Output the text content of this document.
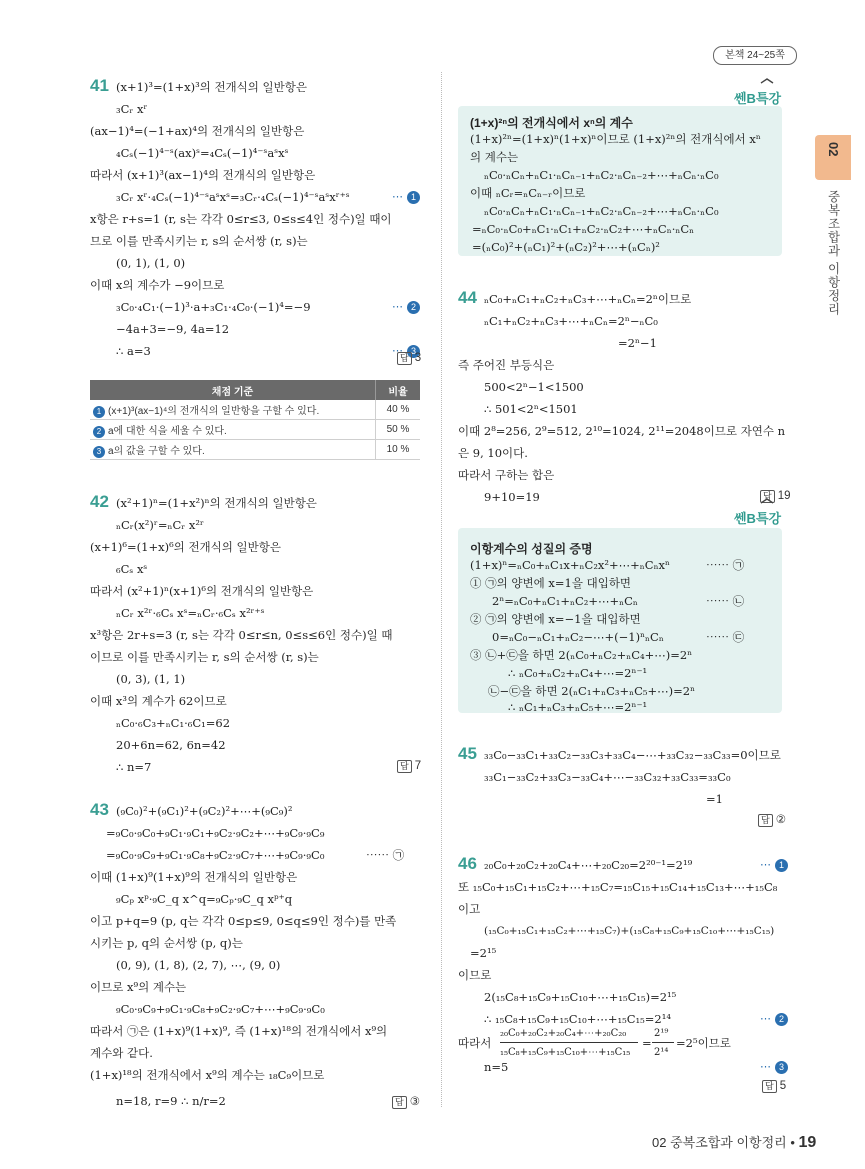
본책 24~25쪽
02
중복조합과 이항정리
41 (x+1)³=(1+x)³의 전개식의 일반항은
₃Cᵣ xʳ
(ax−1)⁴=(−1+ax)⁴의 전개식의 일반항은
₄Cₛ(−1)⁴⁻ˢ(ax)ˢ=₄Cₛ(−1)⁴⁻ˢaˢxˢ
따라서 (x+1)³(ax−1)⁴의 전개식의 일반항은
₃Cᵣ xʳ·₄Cₛ(−1)⁴⁻ˢaˢxˢ=₃Cᵣ·₄Cₛ(−1)⁴⁻ˢaˢxʳ⁺ˢ	⋯ 1
x항은 r+s=1 (r, s는 각각 0≤r≤3, 0≤s≤4인 정수)일 때이
므로 이를 만족시키는 r, s의 순서쌍 (r, s)는
(0, 1), (1, 0)
이때 x의 계수가 −9이므로
₃C₀·₄C₁·(−1)³·a+₃C₁·₄C₀·(−1)⁴=−9	⋯ 2
−4a+3=−9, 4a=12
∴ a=3	⋯ 3
답 3
채점 기준	비율
1 (x+1)³(ax−1)⁴의 전개식의 일반항을 구할 수 있다.	40 %
2 a에 대한 식을 세울 수 있다.	50 %
3 a의 값을 구할 수 있다.	10 %
42 (x²+1)ⁿ=(1+x²)ⁿ의 전개식의 일반항은
ₙCᵣ(x²)ʳ=ₙCᵣ x²ʳ
(x+1)⁶=(1+x)⁶의 전개식의 일반항은
₆Cₛ xˢ
따라서 (x²+1)ⁿ(x+1)⁶의 전개식의 일반항은
ₙCᵣ x²ʳ·₆Cₛ xˢ=ₙCᵣ·₆Cₛ x²ʳ⁺ˢ
x³항은 2r+s=3 (r, s는 각각 0≤r≤n, 0≤s≤6인 정수)일 때
이므로 이를 만족시키는 r, s의 순서쌍 (r, s)는
(0, 3), (1, 1)
이때 x³의 계수가 62이므로
ₙC₀·₆C₃+ₙC₁·₆C₁=62
20+6n=62, 6n=42
∴ n=7	답 7
43 (₉C₀)²+(₉C₁)²+(₉C₂)²+⋯+(₉C₉)²
=₉C₀·₉C₀+₉C₁·₉C₁+₉C₂·₉C₂+⋯+₉C₉·₉C₉
=₉C₀·₉C₉+₉C₁·₉C₈+₉C₂·₉C₇+⋯+₉C₉·₉C₀	⋯⋯ ㉠
이때 (1+x)⁹(1+x)⁹의 전개식의 일반항은
₉Cₚ xᵖ·₉C_q x^q=₉Cₚ·₉C_q xᵖ⁺q
이고 p+q=9 (p, q는 각각 0≤p≤9, 0≤q≤9인 정수)를 만족
시키는 p, q의 순서쌍 (p, q)는
(0, 9), (1, 8), (2, 7), ⋯, (9, 0)
이므로 x⁹의 계수는
₉C₀·₉C₉+₉C₁·₉C₈+₉C₂·₉C₇+⋯+₉C₉·₉C₀
따라서 ㉠은 (1+x)⁹(1+x)⁹, 즉 (1+x)¹⁸의 전개식에서 x⁹의
계수와 같다.
(1+x)¹⁸의 전개식에서 x⁹의 계수는 ₁₈C₉이므로
n=18, r=9 ∴ n/r=2	답 ③
쎈B특강
(1+x)²ⁿ의 전개식에서 xⁿ의 계수
(1+x)²ⁿ=(1+x)ⁿ(1+x)ⁿ이므로 (1+x)²ⁿ의 전개식에서 xⁿ
의 계수는
ₙC₀·ₙCₙ+ₙC₁·ₙCₙ₋₁+ₙC₂·ₙCₙ₋₂+⋯+ₙCₙ·ₙC₀
이때 ₙCᵣ=ₙCₙ₋ᵣ이므로
ₙC₀·ₙCₙ+ₙC₁·ₙCₙ₋₁+ₙC₂·ₙCₙ₋₂+⋯+ₙCₙ·ₙC₀
=ₙC₀·ₙC₀+ₙC₁·ₙC₁+ₙC₂·ₙC₂+⋯+ₙCₙ·ₙCₙ
=(ₙC₀)²+(ₙC₁)²+(ₙC₂)²+⋯+(ₙCₙ)²
44 ₙC₀+ₙC₁+ₙC₂+ₙC₃+⋯+ₙCₙ=2ⁿ이므로
ₙC₁+ₙC₂+ₙC₃+⋯+ₙCₙ=2ⁿ−ₙC₀
=2ⁿ−1
즉 주어진 부등식은
500<2ⁿ−1<1500
∴ 501<2ⁿ<1501
이때 2⁸=256, 2⁹=512, 2¹⁰=1024, 2¹¹=2048이므로 자연수 n
은 9, 10이다.
따라서 구하는 합은
9+10=19	답 19
쎈B특강
이항계수의 성질의 증명
(1+x)ⁿ=ₙC₀+ₙC₁x+ₙC₂x²+⋯+ₙCₙxⁿ	⋯⋯ ㉠
① ㉠의 양변에 x=1을 대입하면
2ⁿ=ₙC₀+ₙC₁+ₙC₂+⋯+ₙCₙ	⋯⋯ ㉡
② ㉠의 양변에 x=−1을 대입하면
0=ₙC₀−ₙC₁+ₙC₂−⋯+(−1)ⁿₙCₙ	⋯⋯ ㉢
③ ㉡+㉢을 하면 2(ₙC₀+ₙC₂+ₙC₄+⋯)=2ⁿ
∴ ₙC₀+ₙC₂+ₙC₄+⋯=2ⁿ⁻¹
㉡−㉢을 하면 2(ₙC₁+ₙC₃+ₙC₅+⋯)=2ⁿ
∴ ₙC₁+ₙC₃+ₙC₅+⋯=2ⁿ⁻¹
45 ₃₃C₀−₃₃C₁+₃₃C₂−₃₃C₃+₃₃C₄−⋯+₃₃C₃₂−₃₃C₃₃=0이므로
₃₃C₁−₃₃C₂+₃₃C₃−₃₃C₄+⋯−₃₃C₃₂+₃₃C₃₃=₃₃C₀
=1
답 ②
46 ₂₀C₀+₂₀C₂+₂₀C₄+⋯+₂₀C₂₀=2²⁰⁻¹=2¹⁹	⋯ 1
또 ₁₅C₀+₁₅C₁+₁₅C₂+⋯+₁₅C₇=₁₅C₁₅+₁₅C₁₄+₁₅C₁₃+⋯+₁₅C₈
이고
(₁₅C₀+₁₅C₁+₁₅C₂+⋯+₁₅C₇)+(₁₅C₈+₁₅C₉+₁₅C₁₀+⋯+₁₅C₁₅)
=2¹⁵
이므로
2(₁₅C₈+₁₅C₉+₁₅C₁₀+⋯+₁₅C₁₅)=2¹⁵
∴ ₁₅C₈+₁₅C₉+₁₅C₁₀+⋯+₁₅C₁₅=2¹⁴	⋯ 2
따라서
₂₀C₀+₂₀C₂+₂₀C₄+⋯+₂₀C₂₀
₁₅C₈+₁₅C₉+₁₅C₁₀+⋯+₁₅C₁₅
=
2¹⁹
2¹⁴
=2⁵이므로
n=5	⋯ 3
답 5
02 중복조합과 이항정리 • 19
